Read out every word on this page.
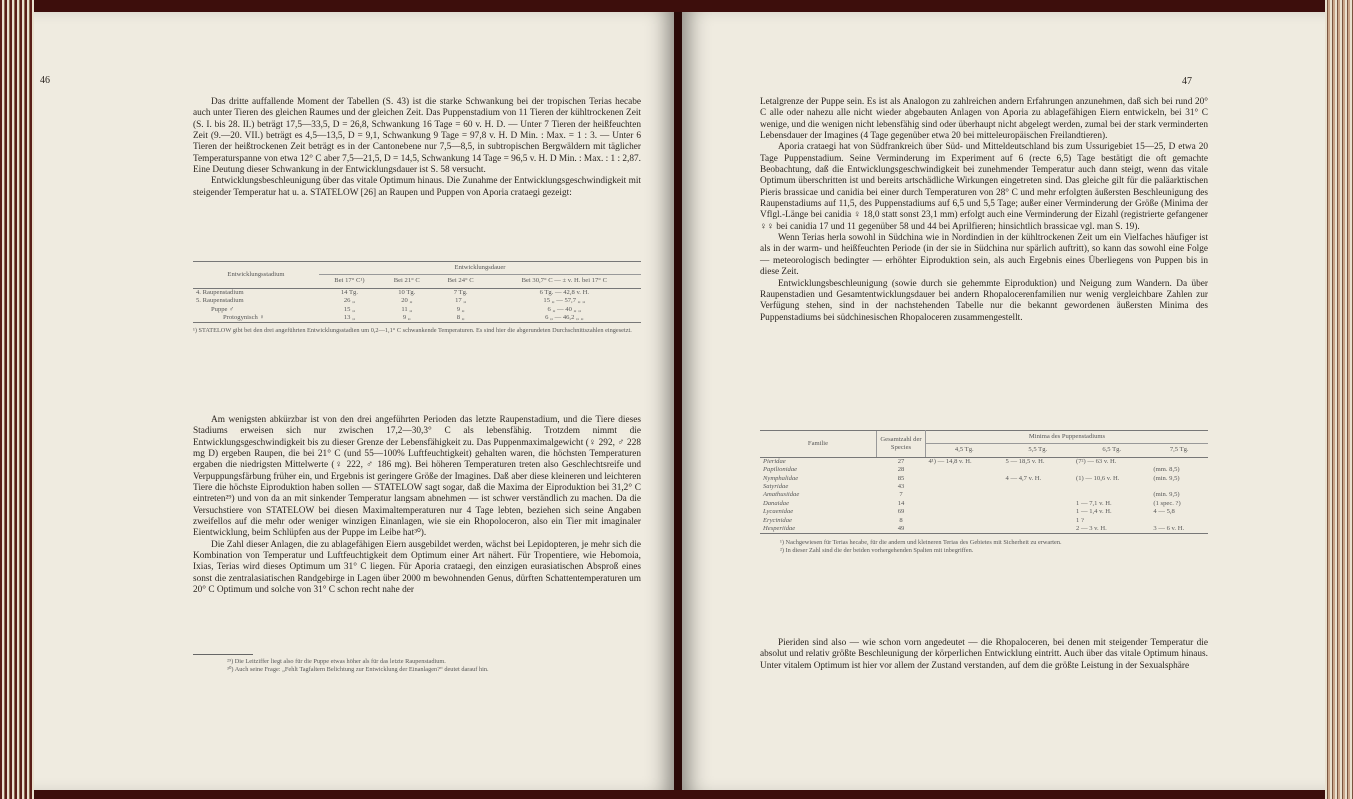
46

Das dritte auffallende Moment der Tabellen (S. 43) ist die starke Schwankung bei der tropischen Terias hecabe auch unter Tieren des gleichen Raumes und der gleichen Zeit. Das Puppenstadium von 11 Tieren der kühltrockenen Zeit (S. I. bis 28. II.) beträgt 17,5—33,5, D = 26,8, Schwankung 16 Tage = 60 v. H. D. — Unter 7 Tieren der heißfeuchten Zeit (9.—20. VII.) beträgt es 4,5—13,5, D = 9,1, Schwankung 9 Tage = 97,8 v. H. D Min. : Max. = 1 : 3. — Unter 6 Tieren der heißtrockenen Zeit beträgt es in der Cantonebene nur 7,5—8,5, in subtropischen Bergwäldern mit täglicher Temperaturspanne von etwa 12° C aber 7,5—21,5, D = 14,5, Schwankung 14 Tage = 96,5 v. H. D Min. : Max. : 1 : 2,87. Eine Deutung dieser Schwankung in der Entwicklungsdauer ist S. 58 versucht.

Entwicklungsbeschleunigung über das vitale Optimum hinaus. Die Zunahme der Entwicklungsgeschwindigkeit mit steigender Temperatur hat u. a. STATELOW [26] an Raupen und Puppen von Aporia crataegi gezeigt:

Entwicklungsstadium	Entwicklungsdauer			
	Bei 17° C¹)	Bei 21° C	Bei 24° C	Bei 30,7° C — ± v. H. bei 17° C
4. Raupenstadium	14 Tg.	10 Tg.	7 Tg.	6 Tg. — 42,8 v. H.
5. Raupenstadium	26 „	20 „	17 „	15 „ — 57,7 „ „
Puppe ♂	15 „	11 „	9 „	6 „ — 40 „ „
Protogynisch ♀	13 „	9 „	8 „	6 „ — 46,2 „ „
¹) STATELOW gibt bei den drei angeführten Entwicklungsstadien um 0,2—1,1° C schwankende Temperaturen. Es sind hier die abgerundeten Durchschnittszahlen eingesetzt.

Am wenigsten abkürzbar ist von den drei angeführten Perioden das letzte Raupenstadium, und die Tiere dieses Stadiums erweisen sich nur zwischen 17,2—30,3° C als lebensfähig. Trotzdem nimmt die Entwicklungsgeschwindigkeit bis zu dieser Grenze der Lebensfähigkeit zu. Das Puppenmaximalgewicht (♀ 292, ♂ 228 mg D) ergeben Raupen, die bei 21° C (und 55—100% Luftfeuchtigkeit) gehalten waren, die höchsten Temperaturen ergaben die niedrigsten Mittelwerte (♀ 222, ♂ 186 mg). Bei höheren Temperaturen treten also Geschlechtsreife und Verpuppungsfärbung früher ein, und Ergebnis ist geringere Größe der Imagines. Daß aber diese kleineren und leichteren Tiere die höchste Eiproduktion haben sollen — STATELOW sagt sogar, daß die Maxima der Eiproduktion bei 31,2° C eintreten²⁹) und von da an mit sinkender Temperatur langsam abnehmen — ist schwer verständlich zu machen. Da die Versuchstiere von STATELOW bei diesen Maximaltemperaturen nur 4 Tage lebten, beziehen sich seine Angaben zweifellos auf die mehr oder weniger winzigen Einanlagen, wie sie ein Rhopoloceron, also ein Tier mit imaginaler Eientwicklung, beim Schlüpfen aus der Puppe im Leibe hat³⁰).

Die Zahl dieser Anlagen, die zu ablagefähigen Eiern ausgebildet werden, wächst bei Lepidopteren, je mehr sich die Kombination von Temperatur und Luftfeuchtigkeit dem Optimum einer Art nähert. Für Tropentiere, wie Hebomoia, Ixias, Terias wird dieses Optimum um 31° C liegen. Für Aporia crataegi, den einzigen eurasiatischen Absproß eines sonst die zentralasiatischen Randgebirge in Lagen über 2000 m bewohnenden Genus, dürften Schattentemperaturen um 20° C Optimum und solche von 31° C schon recht nahe der

²⁹) Die Leitziffer liegt also für die Puppe etwas höher als für das letzte Raupenstadium.
³⁰) Auch seine Frage: „Fehlt Tagfaltern Belichtung zur Entwicklung der Einanlagen?“ deutet darauf hin.
47

Letalgrenze der Puppe sein. Es ist als Analogon zu zahlreichen andern Erfahrungen anzunehmen, daß sich bei rund 20° C alle oder nahezu alle nicht wieder abgebauten Anlagen von Aporia zu ablagefähigen Eiern entwickeln, bei 31° C wenige, und die wenigen nicht lebensfähig sind oder überhaupt nicht abgelegt werden, zumal bei der stark verminderten Lebensdauer der Imagines (4 Tage gegenüber etwa 20 bei mitteleuropäischen Freilandtieren).

Aporia crataegi hat von Südfrankreich über Süd- und Mitteldeutschland bis zum Ussurigebiet 15—25, D etwa 20 Tage Puppenstadium. Seine Verminderung im Experiment auf 6 (recte 6,5) Tage bestätigt die oft gemachte Beobachtung, daß die Entwicklungsgeschwindigkeit bei zunehmender Temperatur auch dann steigt, wenn das vitale Optimum überschritten ist und bereits artschädliche Wirkungen eingetreten sind. Das gleiche gilt für die paläarktischen Pieris brassicae und canidia bei einer durch Temperaturen von 28° C und mehr erfolgten äußersten Beschleunigung des Raupenstadiums auf 11,5, des Puppenstadiums auf 6,5 und 5,5 Tage; außer einer Verminderung der Größe (Minima der Vflgl.-Länge bei canidia ♀ 18,0 statt sonst 23,1 mm) erfolgt auch eine Verminderung der Eizahl (registrierte gefangener ♀♀ bei canidia 17 und 11 gegenüber 58 und 44 bei Aprilfieren; hinsichtlich brassicae vgl. man S. 19).

Wenn Terias herla sowohl in Südchina wie in Nordindien in der kühltrockenen Zeit um ein Vielfaches häufiger ist als in der warm- und heißfeuchten Periode (in der sie in Südchina nur spärlich auftritt), so kann das sowohl eine Folge — meteorologisch bedingter — erhöhter Eiproduktion sein, als auch Ergebnis eines Überliegens von Puppen bis in diese Zeit.

Entwicklungsbeschleunigung (sowie durch sie gehemmte Eiproduktion) und Neigung zum Wandern. Da über Raupenstadien und Gesamtentwicklungsdauer bei andern Rhopalocerenfamilien nur wenig vergleichbare Zahlen zur Verfügung stehen, sind in der nachstehenden Tabelle nur die bekannt gewordenen äußersten Minima des Puppenstadiums bei südchinesischen Rhopaloceren zusammengestellt.

Familie	Gesamtzahl der Species	Minima des Puppenstadiums			
		4,5 Tg.	5,5 Tg.	6,5 Tg.	7,5 Tg.
Pieridae	27	4¹) — 14,8 v. H.	5 — 18,5 v. H.	(7²) — 63 v. H.	
Papilionidae	28				(mm. 8,5)
Nymphalidae	85		4 — 4,7 v. H.	(1) — 10,6 v. H.	(min. 9,5)
Satyridae	43				
Amathusiidae	7				(min. 9,5)
Danaidae	14			1 — 7,1 v. H.	(1 spec. ?)
Lycaenidae	69			1 — 1,4 v. H.	4 — 5,8
Erycinidae	8			1 ?	
Hesperiidae	49			2 — 3 v. H.	3 — 6 v. H.
¹) Nachgewiesen für Terias hecabe, für die andern und kleineren Terias des Gebietes mit Sicherheit zu erwarten.
²) In dieser Zahl sind die der beiden vorhergehenden Spalten mit inbegriffen.

Pieriden sind also — wie schon vorn angedeutet — die Rhopaloceren, bei denen mit steigender Temperatur die absolut und relativ größte Beschleunigung der körperlichen Entwicklung eintritt. Auch über das vitale Optimum hinaus. Unter vitalem Optimum ist hier vor allem der Zustand verstanden, auf dem die größte Leistung in der Sexualsphäre
